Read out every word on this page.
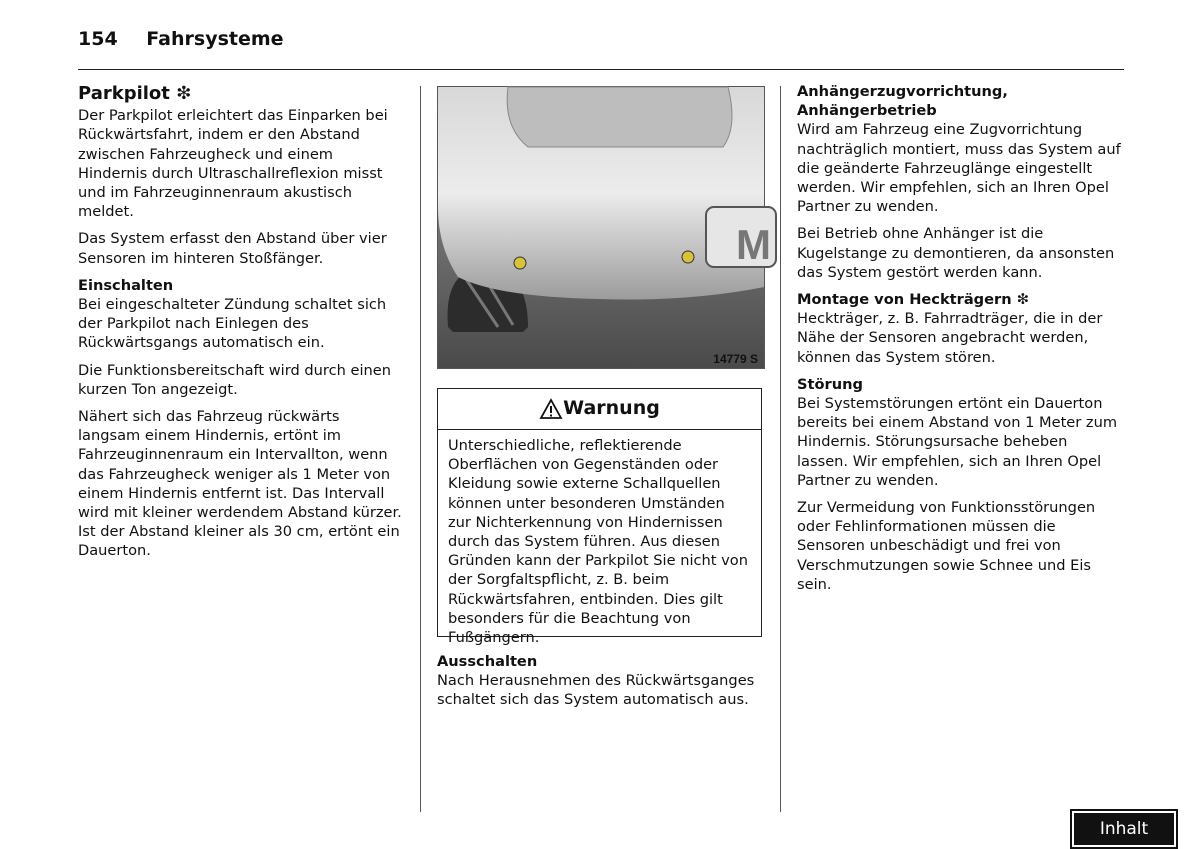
154 Fahrsysteme
Parkpilot ❇

Der Parkpilot erleichtert das Einparken bei Rückwärtsfahrt, indem er den Abstand zwischen Fahrzeugheck und einem Hindernis durch Ultraschallreflexion misst und im Fahrzeuginnenraum akustisch meldet.

Das System erfasst den Abstand über vier Sensoren im hinteren Stoßfänger.

Einschalten

Bei eingeschalteter Zündung schaltet sich der Parkpilot nach Einlegen des Rückwärtsgangs automatisch ein.

Die Funktionsbereitschaft wird durch einen kurzen Ton angezeigt.

Nähert sich das Fahrzeug rückwärts langsam einem Hindernis, ertönt im Fahrzeuginnenraum ein Intervallton, wenn das Fahrzeugheck weniger als 1 Meter von einem Hindernis entfernt ist. Das Intervall wird mit kleiner werdendem Abstand kürzer. Ist der Abstand kleiner als 30 cm, ertönt ein Dauerton.

M
14779 S
Warnung
Unterschiedliche, reflektierende Oberflächen von Gegenständen oder Kleidung sowie externe Schallquellen können unter besonderen Umständen zur Nichterkennung von Hindernissen durch das System führen. Aus diesen Gründen kann der Parkpilot Sie nicht von der Sorgfaltspflicht, z. B. beim Rückwärtsfahren, entbinden. Dies gilt besonders für die Beachtung von Fußgängern.
Ausschalten
Nach Herausnehmen des Rückwärtsganges schaltet sich das System automatisch aus.
Anhängerzugvorrichtung, Anhängerbetrieb

Wird am Fahrzeug eine Zugvorrichtung nachträglich montiert, muss das System auf die geänderte Fahrzeuglänge eingestellt werden. Wir empfehlen, sich an Ihren Opel Partner zu wenden.

Bei Betrieb ohne Anhänger ist die Kugelstange zu demontieren, da ansonsten das System gestört werden kann.

Montage von Heckträgern ❇

Heckträger, z. B. Fahrradträger, die in der Nähe der Sensoren angebracht werden, können das System stören.

Störung

Bei Systemstörungen ertönt ein Dauerton bereits bei einem Abstand von 1 Meter zum Hindernis. Störungsursache beheben lassen. Wir empfehlen, sich an Ihren Opel Partner zu wenden.

Zur Vermeidung von Funktionsstörungen oder Fehlinformationen müssen die Sensoren unbeschädigt und frei von Verschmutzungen sowie Schnee und Eis sein.

Inhalt
